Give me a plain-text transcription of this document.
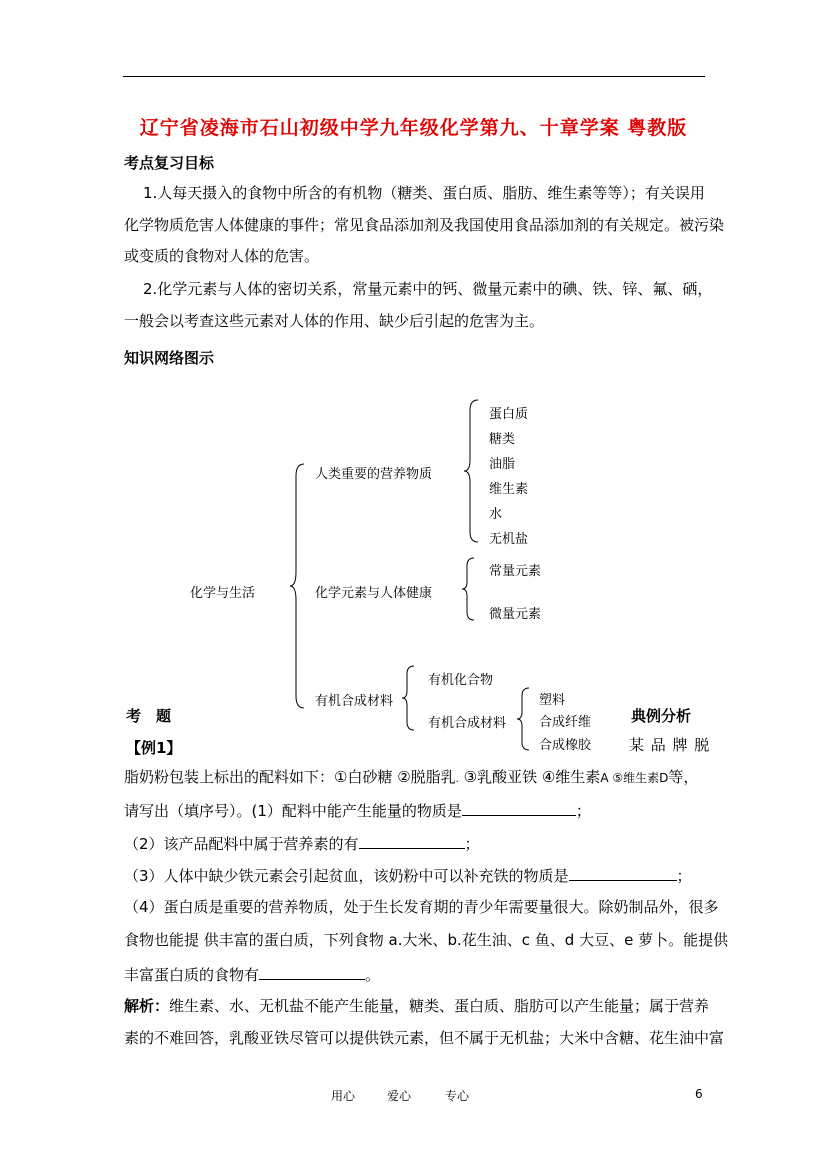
辽宁省凌海市石山初级中学九年级化学第九、十章学案 粤教版
考点复习目标
1.人每天摄入的食物中所含的有机物（糖类、蛋白质、脂肪、维生素等等）；有关误用
化学物质危害人体健康的事件；常见食品添加剂及我国使用食品添加剂的有关规定。被污染
或变质的食物对人体的危害。
2.化学元素与人体的密切关系，常量元素中的钙、微量元素中的碘、铁、锌、氟、硒，
一般会以考查这些元素对人体的作用、缺少后引起的危害为主。
知识网络图示
化学与生活
人类重要的营养物质
蛋白质
糖类
油脂
维生素
水
无机盐
化学元素与人体健康
常量元素
微量元素
有机合成材料
有机化合物
有机合成材料
塑料
合成纤维
合成橡胶
考　题	典例分析
【例1】	某 品 牌 脱
脂奶粉包装上标出的配料如下：①白砂糖 ②脱脂乳. ③乳酸亚铁 ④维生素A ⑤维生素D等，
请写出（填序号）。(1）配料中能产生能量的物质是	；
（2）该产品配料中属于营养素的有	；
（3）人体中缺少铁元素会引起贫血，该奶粉中可以补充铁的物质是	；
（4）蛋白质是重要的营养物质，处于生长发育期的青少年需要量很大。除奶制品外，很多
食物也能提 供丰富的蛋白质，下列食物 a.大米、b.花生油、c 鱼、d 大豆、e 萝卜。能提供
丰富蛋白质的食物有	。
解析：维生素、水、无机盐不能产生能量，糖类、蛋白质、脂肪可以产生能量；属于营养
素的不难回答，乳酸亚铁尽管可以提供铁元素，但不属于无机盐；大米中含糖、花生油中富
用心	爱心	专心	6
